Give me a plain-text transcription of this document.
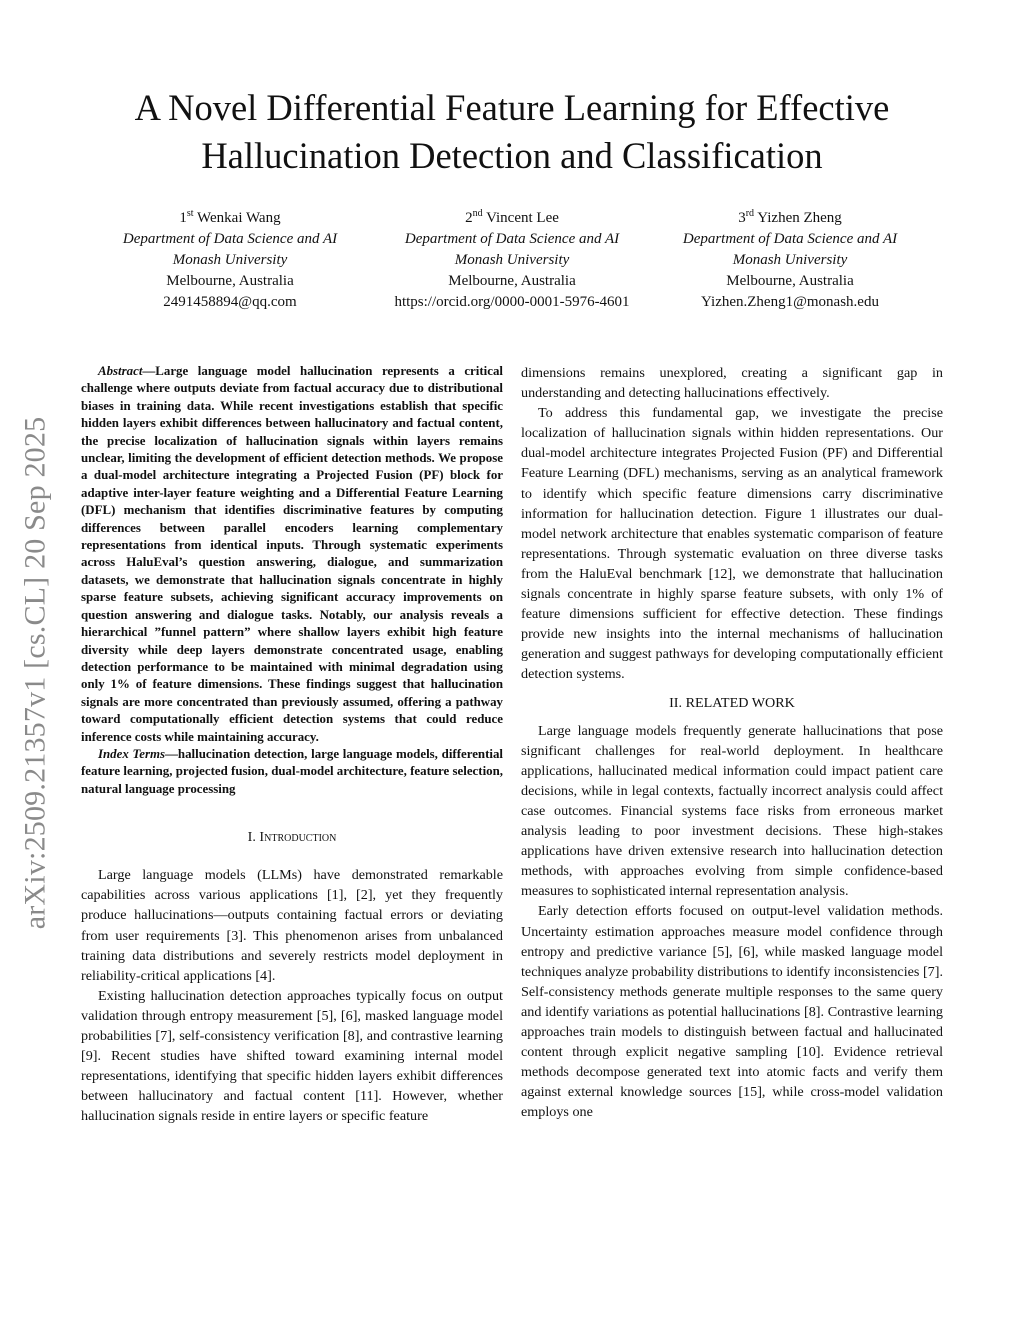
arXiv:2509.21357v1 [cs.CL] 20 Sep 2025
A Novel Differential Feature Learning for Effective
Hallucination Detection and Classification
1st Wenkai Wang
Department of Data Science and AI
Monash University
Melbourne, Australia
2491458894@qq.com
2nd Vincent Lee
Department of Data Science and AI
Monash University
Melbourne, Australia
https://orcid.org/0000-0001-5976-4601
3rd Yizhen Zheng
Department of Data Science and AI
Monash University
Melbourne, Australia
Yizhen.Zheng1@monash.edu

Abstract—Large language model hallucination represents a critical challenge where outputs deviate from factual accuracy due to distributional biases in training data. While recent investigations establish that specific hidden layers exhibit differences between hallucinatory and factual content, the precise localization of hallucination signals within layers remains unclear, limiting the development of efficient detection methods. We propose a dual-model architecture integrating a Projected Fusion (PF) block for adaptive inter-layer feature weighting and a Differential Feature Learning (DFL) mechanism that identifies discriminative features by computing differences between parallel encoders learning complementary representations from identical inputs. Through systematic experiments across HaluEval’s question answering, dialogue, and summarization datasets, we demonstrate that hallucination signals concentrate in highly sparse feature subsets, achieving significant accuracy improvements on question answering and dialogue tasks. Notably, our analysis reveals a hierarchical ”funnel pattern” where shallow layers exhibit high feature diversity while deep layers demonstrate concentrated usage, enabling detection performance to be maintained with minimal degradation using only 1% of feature dimensions. These findings suggest that hallucination signals are more concentrated than previously assumed, offering a pathway toward computationally efficient detection systems that could reduce inference costs while maintaining accuracy.

Index Terms—hallucination detection, large language models, differential feature learning, projected fusion, dual-model architecture, feature selection, natural language processing

I. Introduction

Large language models (LLMs) have demonstrated remarkable capabilities across various applications [1], [2], yet they frequently produce hallucinations—outputs containing factual errors or deviating from user requirements [3]. This phenomenon arises from unbalanced training data distributions and severely restricts model deployment in reliability-critical applications [4].

Existing hallucination detection approaches typically focus on output validation through entropy measurement [5], [6], masked language model probabilities [7], self-consistency verification [8], and contrastive learning [9]. Recent studies have shifted toward examining internal model representations, identifying that specific hidden layers exhibit differences between hallucinatory and factual content [11]. However, whether hallucination signals reside in entire layers or specific feature

dimensions remains unexplored, creating a significant gap in understanding and detecting hallucinations effectively.

To address this fundamental gap, we investigate the precise localization of hallucination signals within hidden representations. Our dual-model architecture integrates Projected Fusion (PF) and Differential Feature Learning (DFL) mechanisms, serving as an analytical framework to identify which specific feature dimensions carry discriminative information for hallucination detection. Figure 1 illustrates our dual-model network architecture that enables systematic comparison of feature representations. Through systematic evaluation on three diverse tasks from the HaluEval benchmark [12], we demonstrate that hallucination signals concentrate in highly sparse feature subsets, with only 1% of feature dimensions sufficient for effective detection. These findings provide new insights into the internal mechanisms of hallucination generation and suggest pathways for developing computationally efficient detection systems.

II. RELATED WORK

Large language models frequently generate hallucinations that pose significant challenges for real-world deployment. In healthcare applications, hallucinated medical information could impact patient care decisions, while in legal contexts, factually incorrect analysis could affect case outcomes. Financial systems face risks from erroneous market analysis leading to poor investment decisions. These high-stakes applications have driven extensive research into hallucination detection methods, with approaches evolving from simple confidence-based measures to sophisticated internal representation analysis.

Early detection efforts focused on output-level validation methods. Uncertainty estimation approaches measure model confidence through entropy and predictive variance [5], [6], while masked language model techniques analyze probability distributions to identify inconsistencies [7]. Self-consistency methods generate multiple responses to the same query and identify variations as potential hallucinations [8]. Contrastive learning approaches train models to distinguish between factual and hallucinated content through explicit negative sampling [10]. Evidence retrieval methods decompose generated text into atomic facts and verify them against external knowledge sources [15], while cross-model validation employs one
